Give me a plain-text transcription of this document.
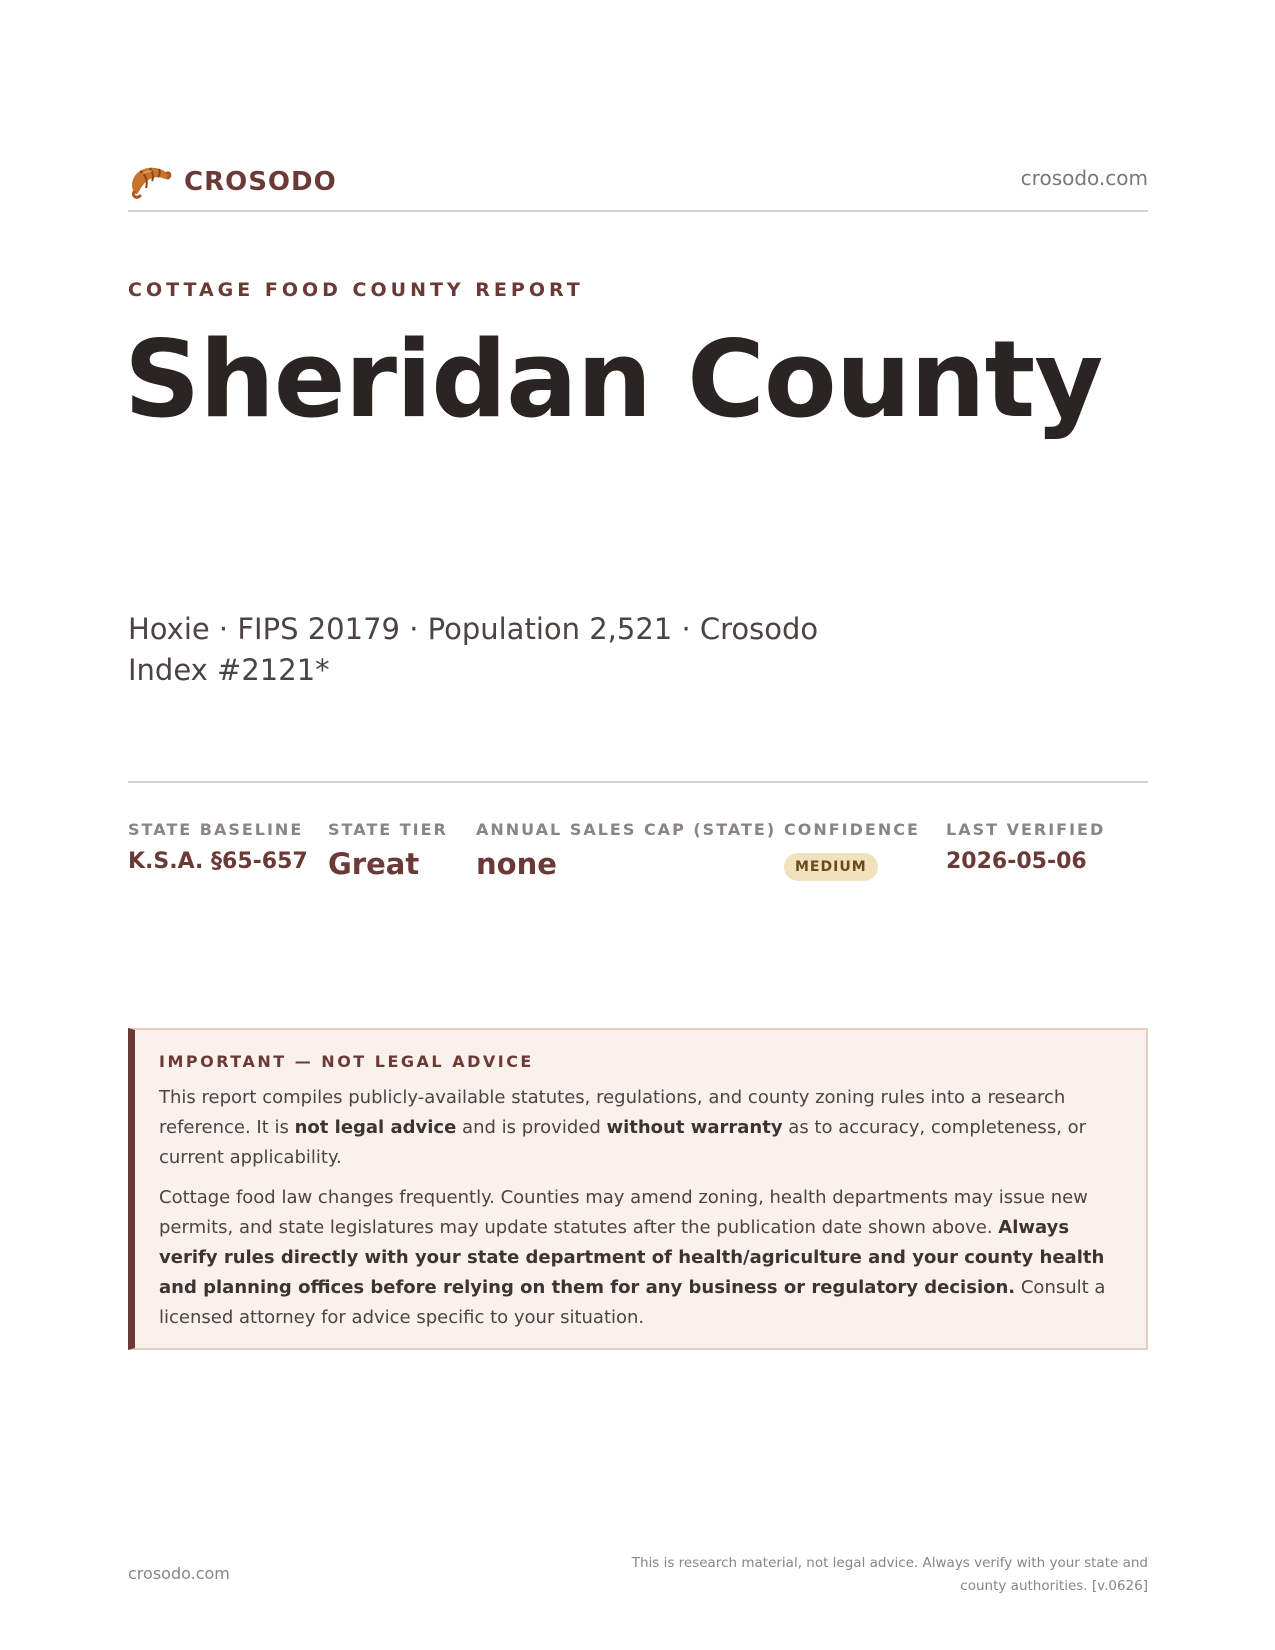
CROSODO	crosodo.com
COTTAGE FOOD COUNTY REPORT
Sheridan County
Hoxie · FIPS 20179 · Population 2,521 · Crosodo Index #2121*
STATE BASELINE
K.S.A. §65-657
STATE TIER
Great
ANNUAL SALES CAP (STATE)
none
CONFIDENCE
MEDIUM
LAST VERIFIED
2026-05-06
IMPORTANT — NOT LEGAL ADVICE

This report compiles publicly-available statutes, regulations, and county zoning rules into a research reference. It is not legal advice and is provided without warranty as to accuracy, completeness, or current applicability.

Cottage food law changes frequently. Counties may amend zoning, health departments may issue new permits, and state legislatures may update statutes after the publication date shown above. Always verify rules directly with your state department of health/agriculture and your county health and planning offices before relying on them for any business or regulatory decision. Consult a licensed attorney for advice specific to your situation.

crosodo.com
This is research material, not legal advice. Always verify with your state and county authorities. [v.0626]
